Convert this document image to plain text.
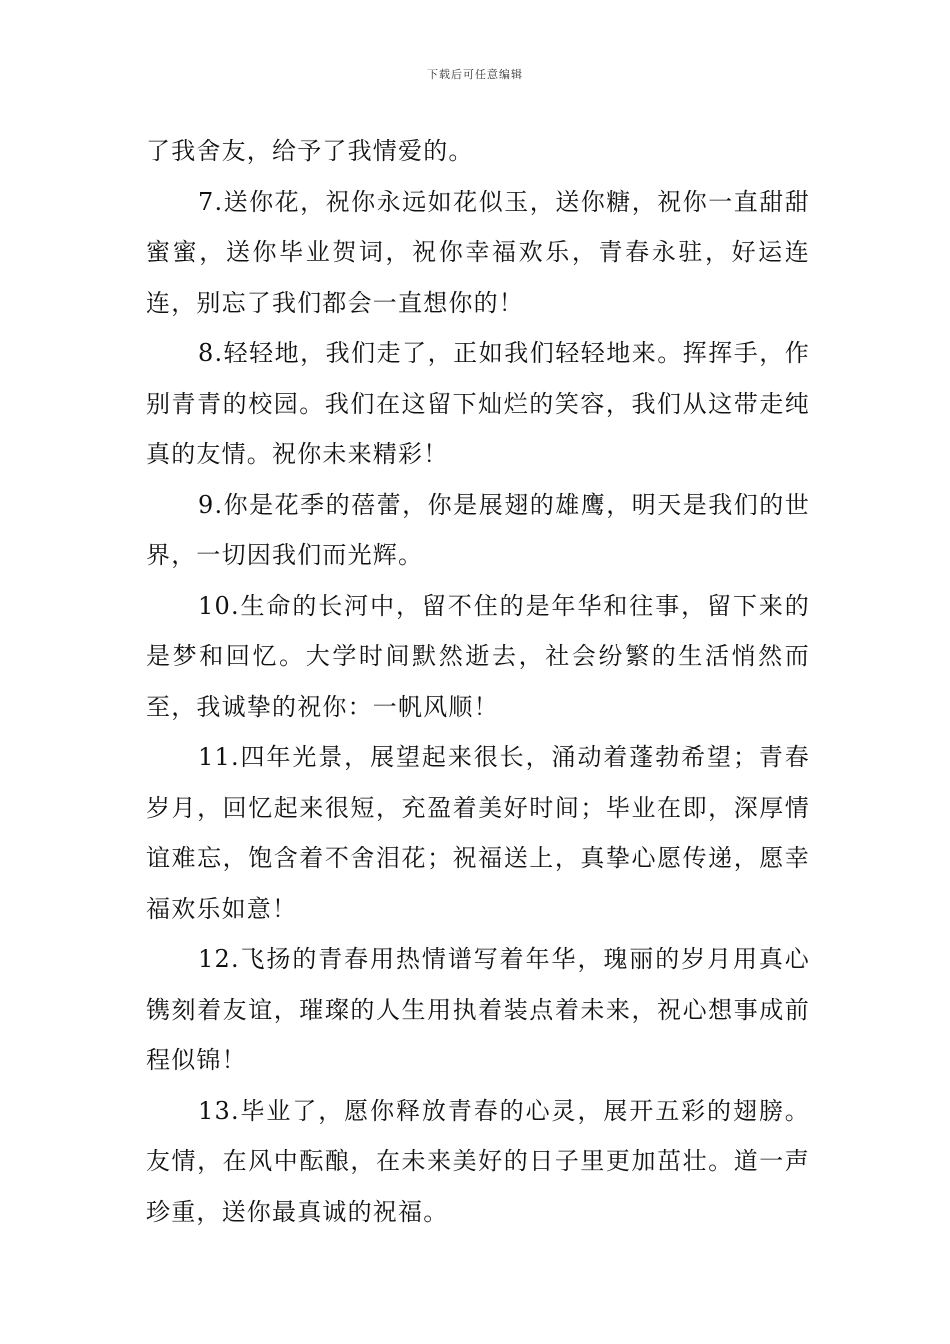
下载后可任意编辑

了我舍友，给予了我情爱的。

7.送你花，祝你永远如花似玉，送你糖，祝你一直甜甜蜜蜜，送你毕业贺词，祝你幸福欢乐，青春永驻，好运连连，别忘了我们都会一直想你的！

8.轻轻地，我们走了，正如我们轻轻地来。挥挥手，作别青青的校园。我们在这留下灿烂的笑容，我们从这带走纯真的友情。祝你未来精彩！

9.你是花季的蓓蕾，你是展翅的雄鹰，明天是我们的世界，一切因我们而光辉。

10.生命的长河中，留不住的是年华和往事，留下来的是梦和回忆。大学时间默然逝去，社会纷繁的生活悄然而至，我诚挚的祝你：一帆风顺！

11.四年光景，展望起来很长，涌动着蓬勃希望；青春岁月，回忆起来很短，充盈着美好时间；毕业在即，深厚情谊难忘，饱含着不舍泪花；祝福送上，真挚心愿传递，愿幸福欢乐如意！

12.飞扬的青春用热情谱写着年华，瑰丽的岁月用真心镌刻着友谊，璀璨的人生用执着装点着未来，祝心想事成前程似锦！

13.毕业了，愿你释放青春的心灵，展开五彩的翅膀。友情，在风中酝酿，在未来美好的日子里更加茁壮。道一声珍重，送你最真诚的祝福。
